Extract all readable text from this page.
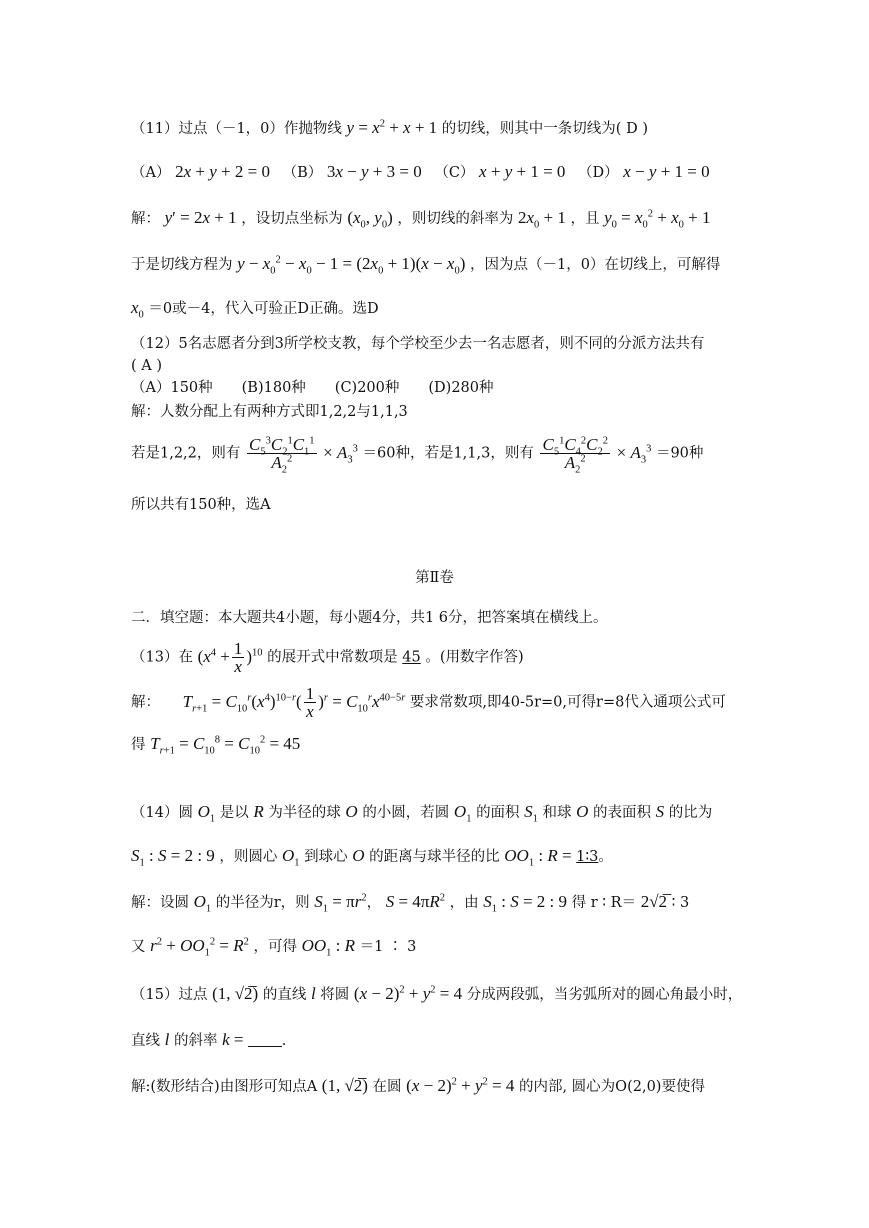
（11）过点（－1，0）作抛物线 $y = x^2 + x + 1$ 的切线，则其中一条切线为( D )
（A） 2x + y + 2 = 0 （B） 3x − y + 3 = 0 （C） x + y + 1 = 0 （D） x − y + 1 = 0
解： y′ = 2x + 1 ，设切点坐标为 ($x_0$, $y_0$) ，则切线的斜率为 $2x_0 + 1$ ，且 $y_0 = x_0^2 + x_0 + 1$
于是切线方程为 $y - x_0^2 - x_0 - 1 = (2x_0 + 1)(x - x_0)$ ，因为点（－1，0）在切线上，可解得
$x_0 =0$或－4，代入可验正D正确。选D
（12）5名志愿者分到3所学校支教，每个学校至少去一名志愿者，则不同的分派方法共有
( A )
（A）150种　　(B)180种　　(C)200种　　(D)280种
解：人数分配上有两种方式即1,2,2与1,1,3
若是1,2,2，则有 $\frac{C_5^3C_2^1C_1^1}{A_2^2} \times A_3^3 =60$种，若是1,1,3，则有 $\frac{C_5^1C_4^2C_2^2}{A_2^2} \times A_3^3 =90$种
所以共有150种，选A
第Ⅱ卷
二．填空题：本大题共4小题，每小题4分，共1 6分，把答案填在横线上。
（13）在 $(x^4 + \frac{1}{x} )^{10}$ 的展开式中常数项是 45 。(用数字作答)
解： $T_{r+1} = C_{10}^r(x^4)^{10-r}( \frac{1}{x} )^r = C_{10}^rx^{40-5r}$ 要求常数项,即40-5r=0,可得r=8代入通项公式可
得 $T_{r+1} = C_{10}^8 = C_{10}^2 = 45$
（14）圆 $O_1$ 是以 R 为半径的球 O 的小圆，若圆 $O_1$ 的面积 $S_1$ 和球 O 的表面积 S 的比为
$S_1$ : S = 2 : 9 ，则圆心 $O_1$ 到球心 O 的距离与球半径的比 $OO_1$ : R = 1∶3。
解：设圆 $O_1$ 的半径为r，则 $S_1 = \pi r^2$， $S = 4\pi R^2$ ，由 $S_1$ : S = 2 : 9 得 r ∶ R＝ 2√2̅ ∶ 3
又 $r^2 + OO_1^2 = R^2$ ，可得 $OO_1$ : R ＝1 ∶ 3
（15）过点 (1, √2̅) 的直线 l 将圆 $(x - 2)^2 + y^2 = 4$ 分成两段弧，当劣弧所对的圆心角最小时，
直线 l 的斜率 k = .
解:(数形结合)由图形可知点A (1, √2̅) 在圆 $(x - 2)^2 + y^2 = 4$ 的内部, 圆心为O(2,0)要使得
